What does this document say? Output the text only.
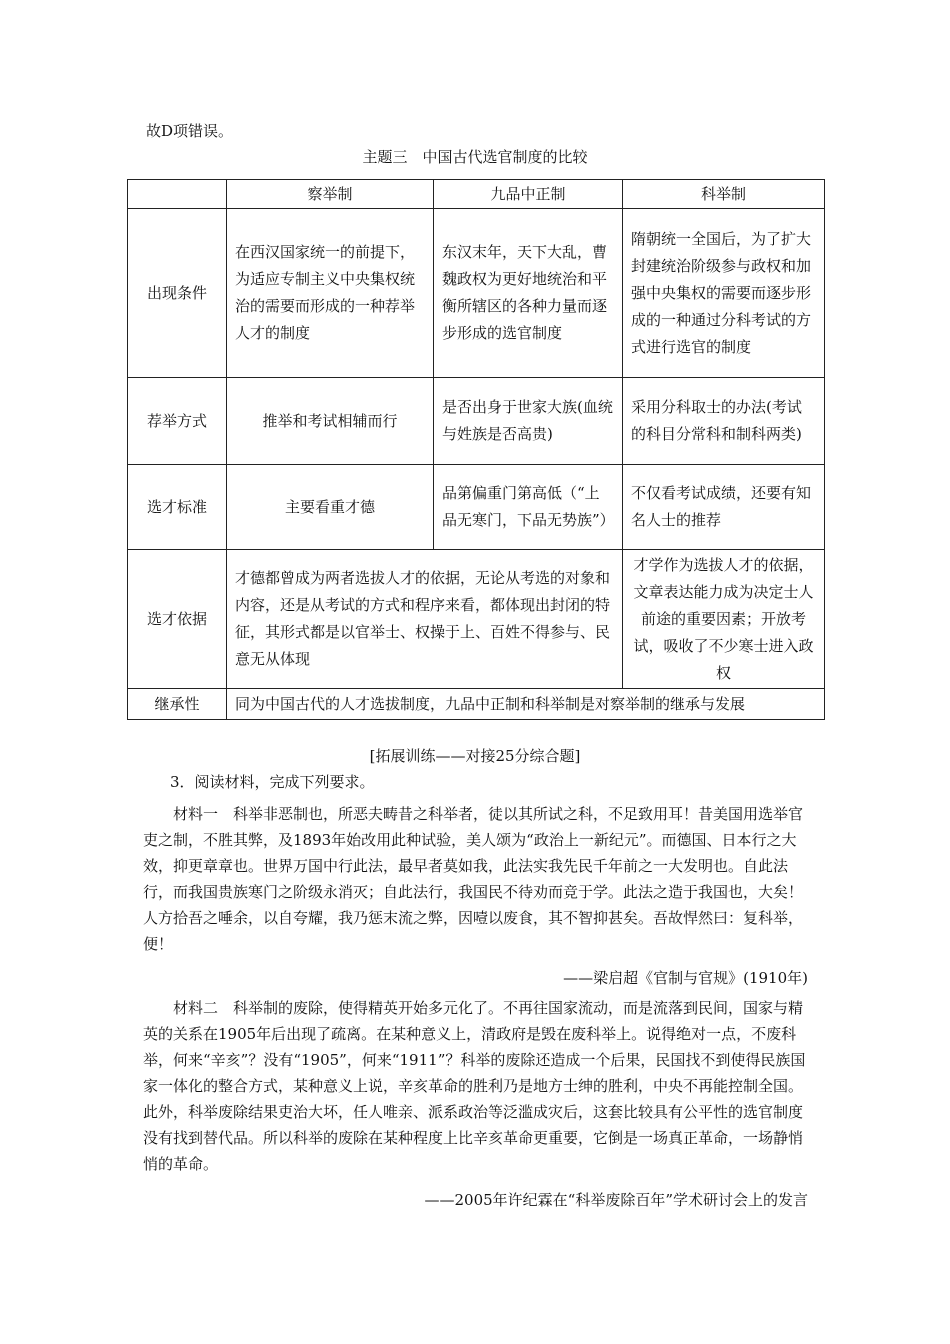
故D项错误。
主题三　中国古代选官制度的比较
	察举制	九品中正制	科举制
出现条件	在西汉国家统一的前提下，为适应专制主义中央集权统治的需要而形成的一种荐举人才的制度	东汉末年，天下大乱，曹魏政权为更好地统治和平衡所辖区的各种力量而逐步形成的选官制度	隋朝统一全国后，为了扩大封建统治阶级参与政权和加强中央集权的需要而逐步形成的一种通过分科考试的方式进行选官的制度
荐举方式	推举和考试相辅而行	是否出身于世家大族(血统与姓族是否高贵)	采用分科取士的办法(考试的科目分常科和制科两类)
选才标准	主要看重才德	品第偏重门第高低（“上品无寒门，下品无势族”）	不仅看考试成绩，还要有知名人士的推荐
选才依据	才德都曾成为两者选拔人才的依据，无论从考选的对象和内容，还是从考试的方式和程序来看，都体现出封闭的特征，其形式都是以官举士、权操于上、百姓不得参与、民意无从体现		才学作为选拔人才的依据，文章表达能力成为决定士人前途的重要因素；开放考试，吸收了不少寒士进入政权
继承性	同为中国古代的人才选拔制度，九品中正制和科举制是对察举制的继承与发展		
[拓展训练——对接25分综合题]
3．阅读材料，完成下列要求。

材料一　科举非恶制也，所恶夫畴昔之科举者，徒以其所试之科，不足致用耳！昔美国用选举官吏之制，不胜其弊，及1893年始改用此种试验，美人颂为“政治上一新纪元”。而德国、日本行之大效，抑更章章也。世界万国中行此法，最早者莫如我，此法实我先民千年前之一大发明也。自此法行，而我国贵族寒门之阶级永消灭；自此法行，我国民不待劝而竞于学。此法之造于我国也，大矣！人方拾吾之唾余，以自夸耀，我乃惩末流之弊，因噎以废食，其不智抑甚矣。吾故悍然曰：复科举，便！

——梁启超《官制与官规》(1910年)

材料二　科举制的废除，使得精英开始多元化了。不再往国家流动，而是流落到民间，国家与精英的关系在1905年后出现了疏离。在某种意义上，清政府是毁在废科举上。说得绝对一点，不废科举，何来“辛亥”？没有“1905”，何来“1911”？科举的废除还造成一个后果，民国找不到使得民族国家一体化的整合方式，某种意义上说，辛亥革命的胜利乃是地方士绅的胜利，中央不再能控制全国。此外，科举废除结果吏治大坏，任人唯亲、派系政治等泛滥成灾后，这套比较具有公平性的选官制度没有找到替代品。所以科举的废除在某种程度上比辛亥革命更重要，它倒是一场真正革命，一场静悄悄的革命。

——2005年许纪霖在“科举废除百年”学术研讨会上的发言
